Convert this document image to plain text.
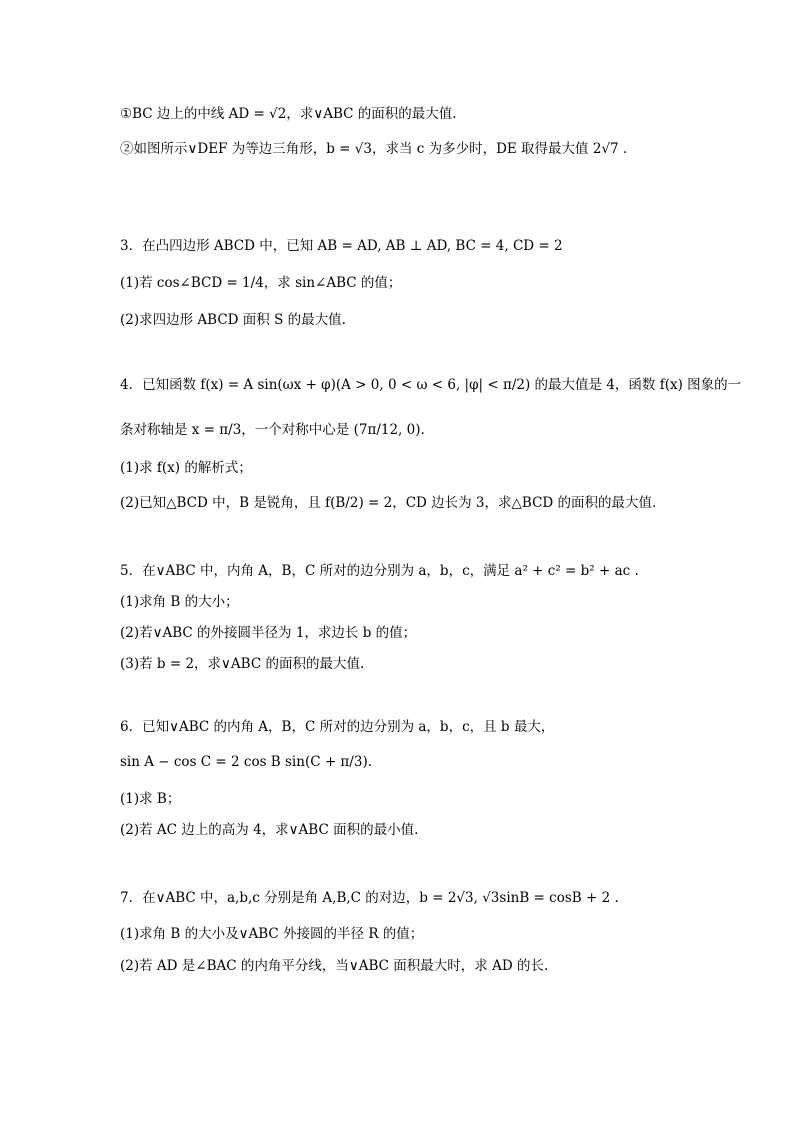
①BC 边上的中线 AD = √2，求∨ABC 的面积的最大值.
②如图所示∨DEF 为等边三角形，b = √3，求当 c 为多少时，DE 取得最大值 2√7 .
3．在凸四边形 ABCD 中，已知 AB = AD, AB ⊥ AD, BC = 4, CD = 2
(1)若 cos∠BCD = 1/4，求 sin∠ABC 的值；
(2)求四边形 ABCD 面积 S 的最大值.
4．已知函数 f(x) = A sin(ωx + φ)(A > 0, 0 < ω < 6, |φ| < π/2) 的最大值是 4，函数 f(x) 图象的一
条对称轴是 x = π/3，一个对称中心是 (7π/12, 0).
(1)求 f(x) 的解析式；
(2)已知△BCD 中，B 是锐角，且 f(B/2) = 2，CD 边长为 3，求△BCD 的面积的最大值.
5．在∨ABC 中，内角 A，B，C 所对的边分别为 a，b，c，满足 a² + c² = b² + ac .
(1)求角 B 的大小；
(2)若∨ABC 的外接圆半径为 1，求边长 b 的值；
(3)若 b = 2，求∨ABC 的面积的最大值.
6．已知∨ABC 的内角 A，B，C 所对的边分别为 a，b，c，且 b 最大，
sin A − cos C = 2 cos B sin(C + π/3).
(1)求 B；
(2)若 AC 边上的高为 4，求∨ABC 面积的最小值.
7．在∨ABC 中，a,b,c 分别是角 A,B,C 的对边，b = 2√3, √3sinB = cosB + 2 .
(1)求角 B 的大小及∨ABC 外接圆的半径 R 的值；
(2)若 AD 是∠BAC 的内角平分线，当∨ABC 面积最大时，求 AD 的长.
